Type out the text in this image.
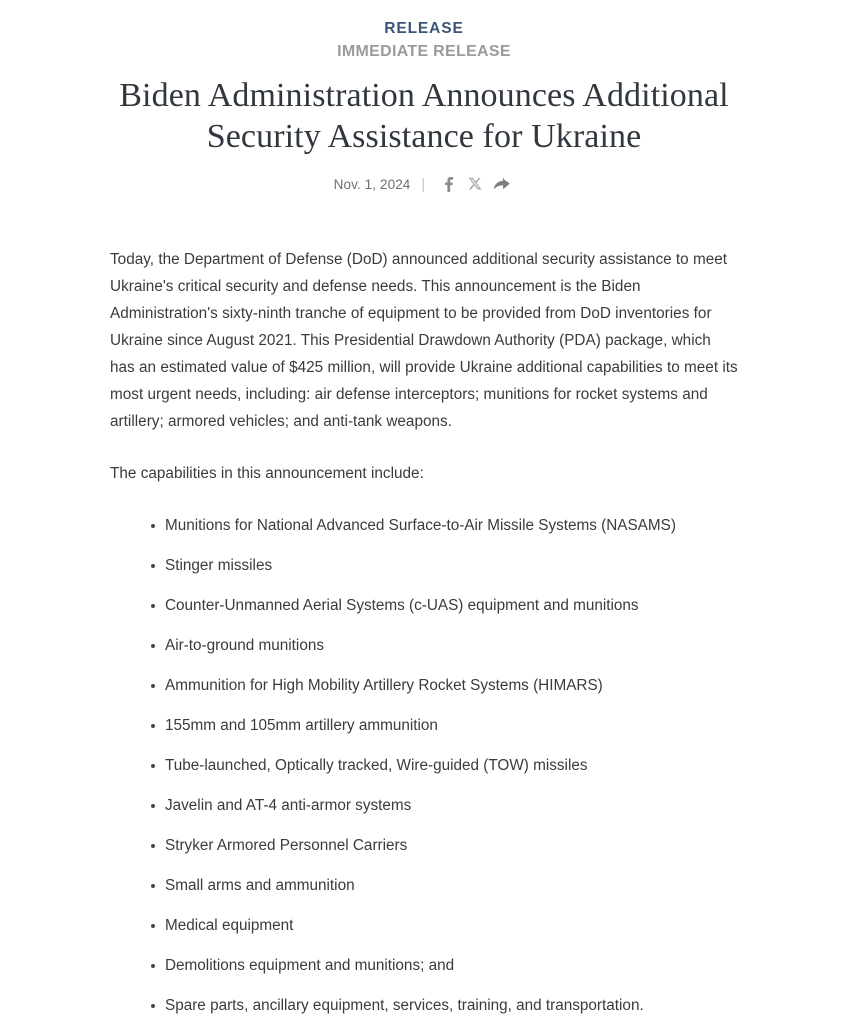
RELEASE
IMMEDIATE RELEASE
Biden Administration Announces Additional Security Assistance for Ukraine
Nov. 1, 2024 |

Today, the Department of Defense (DoD) announced additional security assistance to meet Ukraine's critical security and defense needs. This announcement is the Biden Administration's sixty-ninth tranche of equipment to be provided from DoD inventories for Ukraine since August 2021. This Presidential Drawdown Authority (PDA) package, which has an estimated value of $425 million, will provide Ukraine additional capabilities to meet its most urgent needs, including: air defense interceptors; munitions for rocket systems and artillery; armored vehicles; and anti-tank weapons.

The capabilities in this announcement include:

Munitions for National Advanced Surface-to-Air Missile Systems (NASAMS)
Stinger missiles
Counter-Unmanned Aerial Systems (c-UAS) equipment and munitions
Air-to-ground munitions
Ammunition for High Mobility Artillery Rocket Systems (HIMARS)
155mm and 105mm artillery ammunition
Tube-launched, Optically tracked, Wire-guided (TOW) missiles
Javelin and AT-4 anti-armor systems
Stryker Armored Personnel Carriers
Small arms and ammunition
Medical equipment
Demolitions equipment and munitions; and
Spare parts, ancillary equipment, services, training, and transportation.
